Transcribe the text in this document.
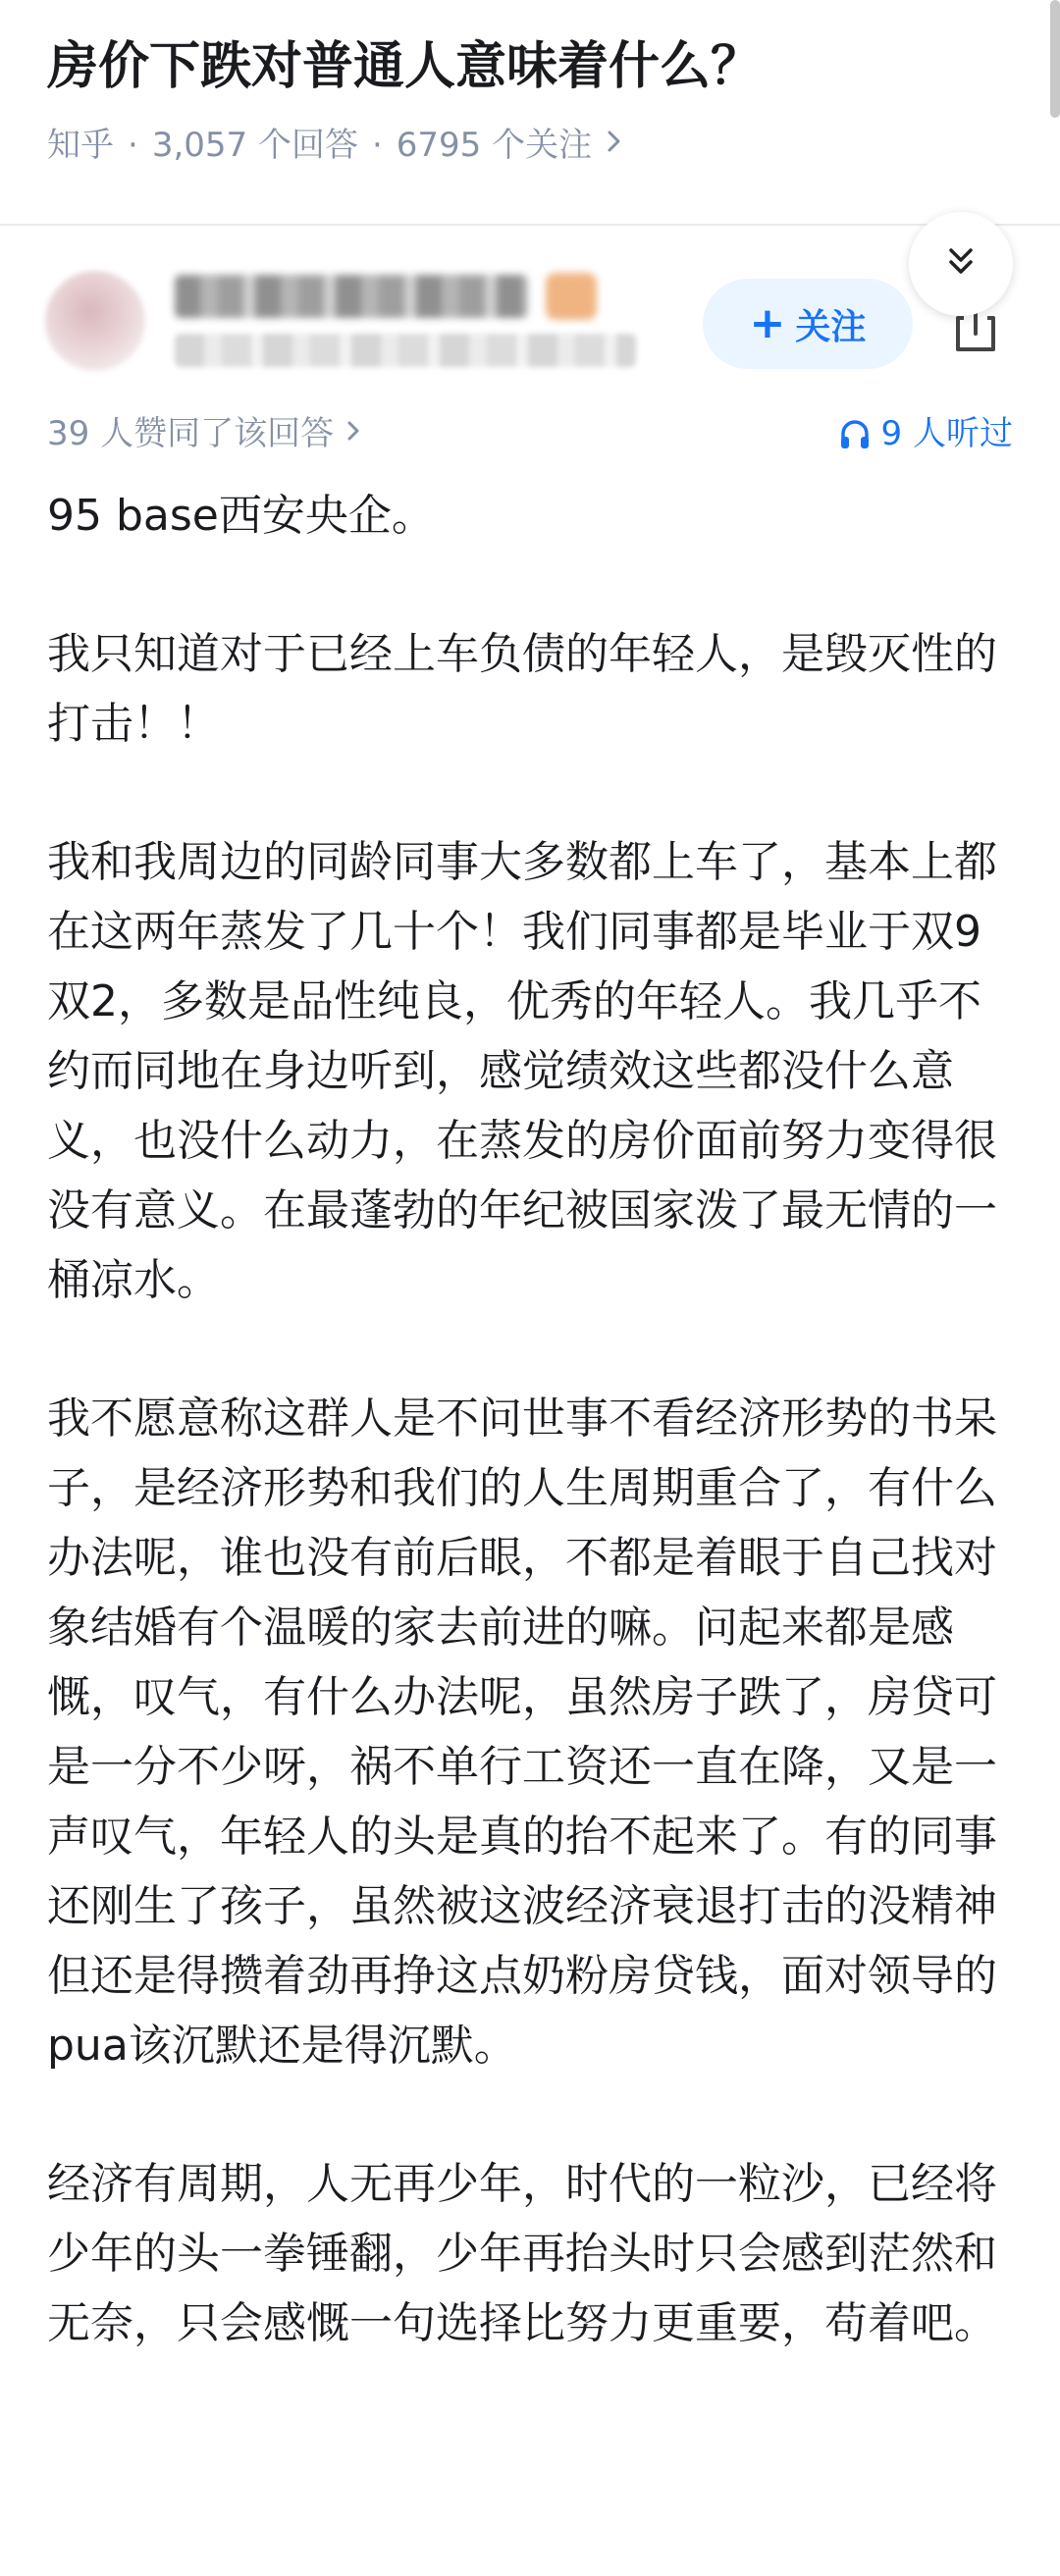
房价下跌对普通人意味着什么？
知乎 · 3,057 个回答 · 6795 个关注
+ 关注
39 人赞同了该回答	9 人听过

95 base西安央企。

我只知道对于已经上车负债的年轻人，是毁灭性的打击！！

我和我周边的同龄同事大多数都上车了，基本上都在这两年蒸发了几十个！我们同事都是毕业于双9双2，多数是品性纯良，优秀的年轻人。我几乎不约而同地在身边听到，感觉绩效这些都没什么意义，也没什么动力，在蒸发的房价面前努力变得很没有意义。在最蓬勃的年纪被国家泼了最无情的一桶凉水。

我不愿意称这群人是不问世事不看经济形势的书呆子，是经济形势和我们的人生周期重合了，有什么办法呢，谁也没有前后眼，不都是着眼于自己找对象结婚有个温暖的家去前进的嘛。问起来都是感慨，叹气，有什么办法呢，虽然房子跌了，房贷可是一分不少呀，祸不单行工资还一直在降，又是一声叹气，年轻人的头是真的抬不起来了。有的同事还刚生了孩子，虽然被这波经济衰退打击的没精神但还是得攒着劲再挣这点奶粉房贷钱，面对领导的pua该沉默还是得沉默。

经济有周期，人无再少年，时代的一粒沙，已经将少年的头一拳锤翻，少年再抬头时只会感到茫然和无奈，只会感慨一句选择比努力更重要，苟着吧。
